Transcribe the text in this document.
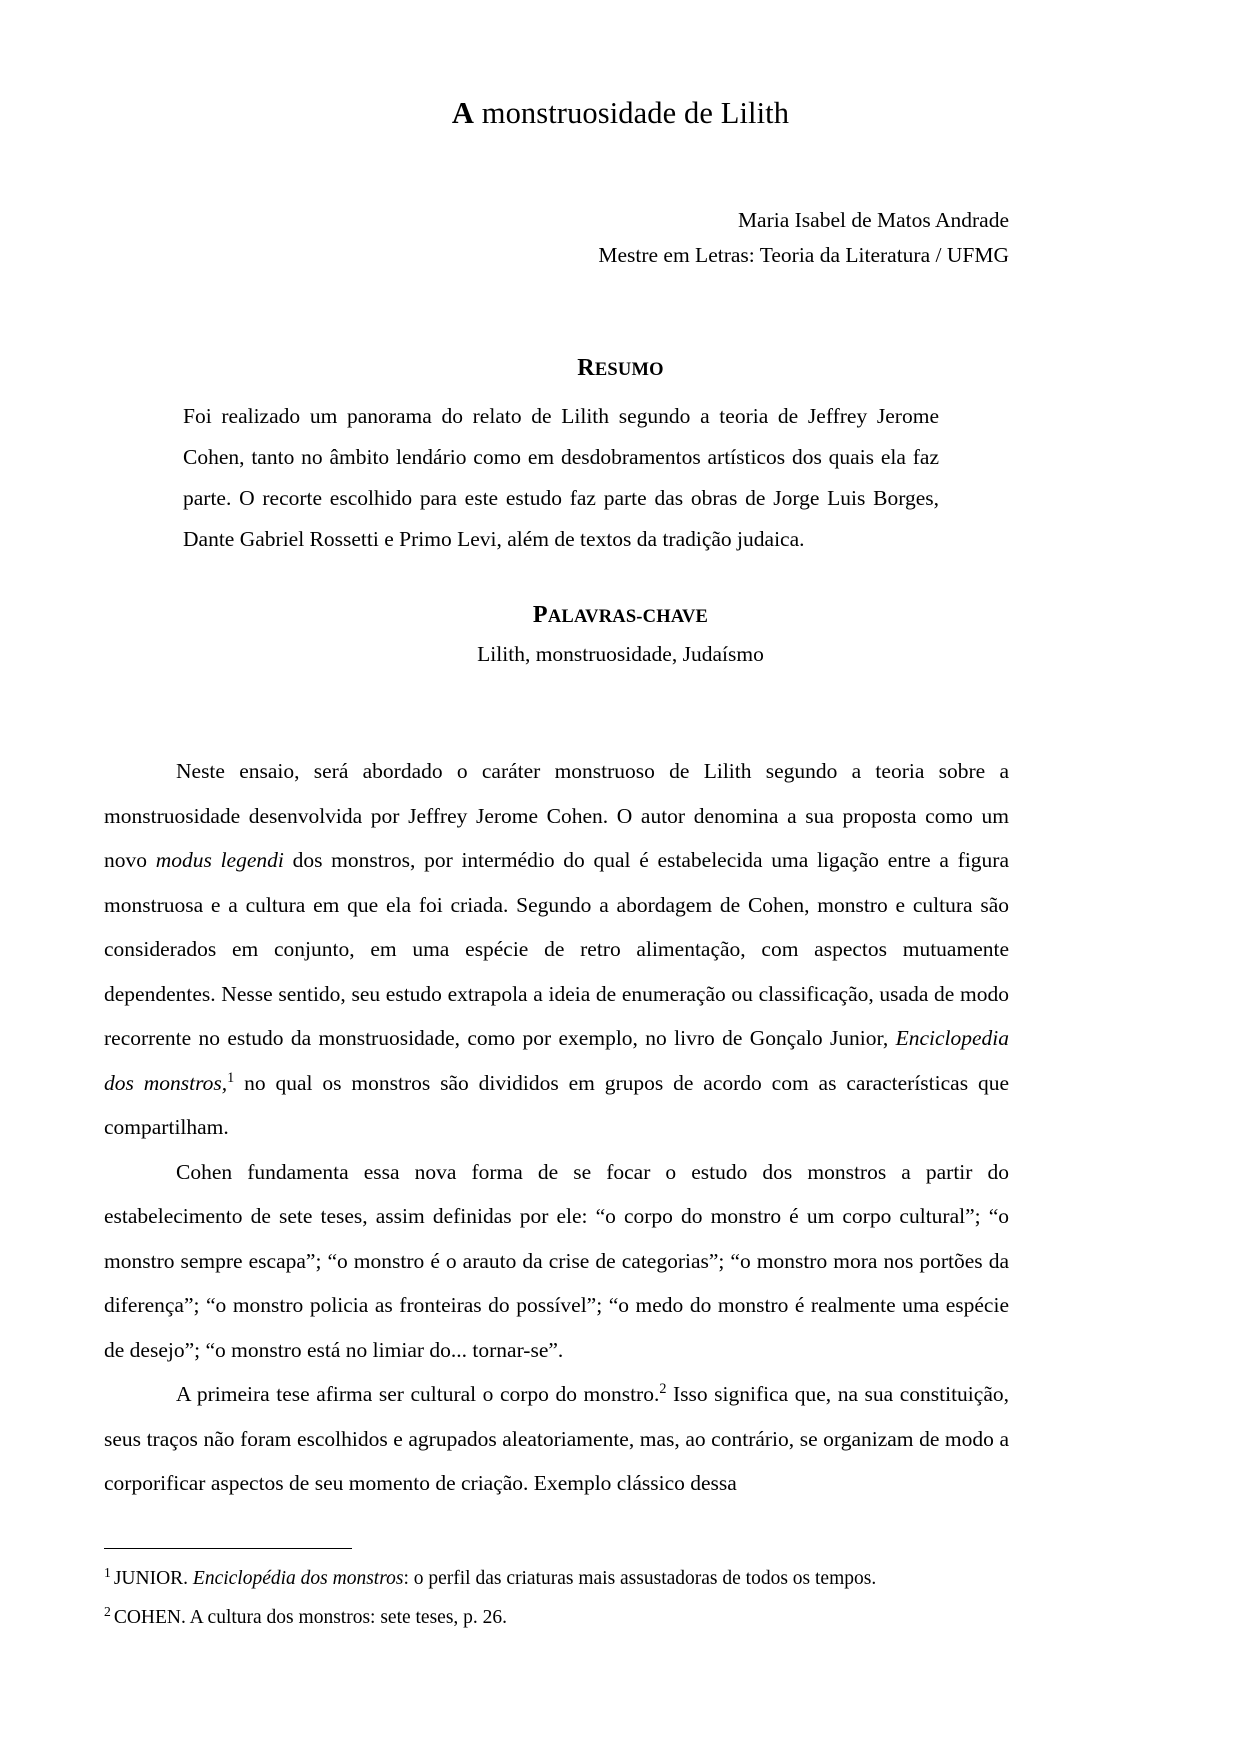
A monstruosidade de Lilith
Maria Isabel de Matos Andrade
Mestre em Letras: Teoria da Literatura / UFMG
RESUMO
Foi realizado um panorama do relato de Lilith segundo a teoria de Jeffrey Jerome Cohen, tanto no âmbito lendário como em desdobramentos artísticos dos quais ela faz parte. O recorte escolhido para este estudo faz parte das obras de Jorge Luis Borges, Dante Gabriel Rossetti e Primo Levi, além de textos da tradição judaica.
PALAVRAS-CHAVE
Lilith, monstruosidade, Judaísmo

Neste ensaio, será abordado o caráter monstruoso de Lilith segundo a teoria sobre a monstruosidade desenvolvida por Jeffrey Jerome Cohen. O autor denomina a sua proposta como um novo modus legendi dos monstros, por intermédio do qual é estabelecida uma ligação entre a figura monstruosa e a cultura em que ela foi criada. Segundo a abordagem de Cohen, monstro e cultura são considerados em conjunto, em uma espécie de retro alimentação, com aspectos mutuamente dependentes. Nesse sentido, seu estudo extrapola a ideia de enumeração ou classificação, usada de modo recorrente no estudo da monstruosidade, como por exemplo, no livro de Gonçalo Junior, Enciclopedia dos monstros,$^1$ no qual os monstros são divididos em grupos de acordo com as características que compartilham.

Cohen fundamenta essa nova forma de se focar o estudo dos monstros a partir do estabelecimento de sete teses, assim definidas por ele: “o corpo do monstro é um corpo cultural”; “o monstro sempre escapa”; “o monstro é o arauto da crise de categorias”; “o monstro mora nos portões da diferença”; “o monstro policia as fronteiras do possível”; “o medo do monstro é realmente uma espécie de desejo”; “o monstro está no limiar do... tornar-se”.

A primeira tese afirma ser cultural o corpo do monstro.$^2$ Isso significa que, na sua constituição, seus traços não foram escolhidos e agrupados aleatoriamente, mas, ao contrário, se organizam de modo a corporificar aspectos de seu momento de criação. Exemplo clássico dessa

$^1$ JUNIOR. Enciclopédia dos monstros: o perfil das criaturas mais assustadoras de todos os tempos.

$^2$ COHEN. A cultura dos monstros: sete teses, p. 26.
